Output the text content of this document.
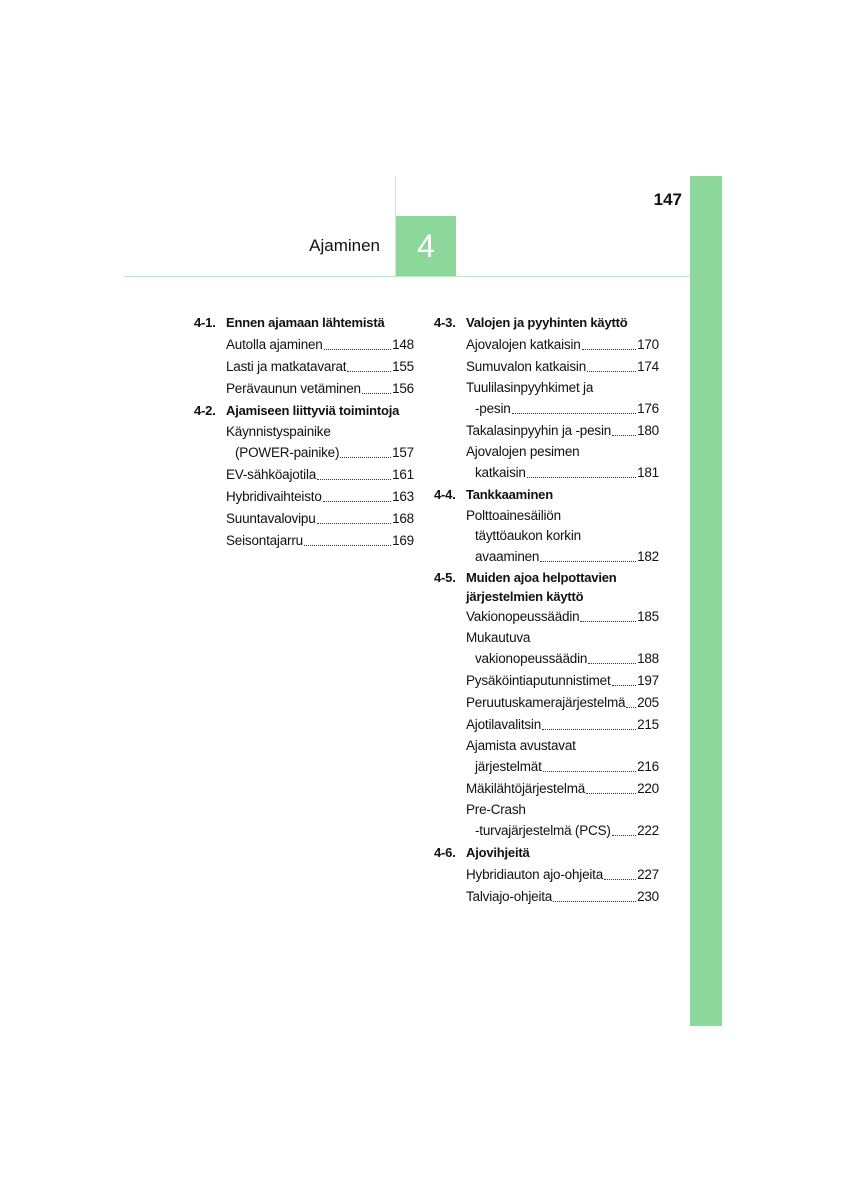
4
147
Ajaminen
4-1. Ennen ajamaan lähtemistä
Autolla ajaminen	148
Lasti ja matkatavarat	155
Perävaunun vetäminen 156
4-2. Ajamiseen liittyviä toimintoja
Käynnistyspainike
(POWER-painike)	157
EV-sähköajotila	161
Hybridivaihteisto	163
Suuntavalovipu	168
Seisontajarru	169
4-3. Valojen ja pyyhinten käyttö
Ajovalojen katkaisin	170
Sumuvalon katkaisin	174
Tuulilasinpyyhkimet ja
-pesin	176
Takalasinpyyhin ja -pesin 180
Ajovalojen pesimen
katkaisin	181
4-4. Tankkaaminen
Polttoainesäiliön
täyttöaukon korkin
avaaminen	182
4-5. Muiden ajoa helpottavien
järjestelmien käyttö
Vakionopeussäädin	185
Mukautuva
vakionopeussäädin	188
Pysäköintiaputunnistimet 197
Peruutuskamerajärjestelmä 205
Ajotilavalitsin	215
Ajamista avustavat
järjestelmät	216
Mäkilähtöjärjestelmä	220
Pre-Crash
-turvajärjestelmä (PCS) 222
4-6. Ajovihjeitä
Hybridiauton ajo-ohjeita	227
Talviajo-ohjeita	230
